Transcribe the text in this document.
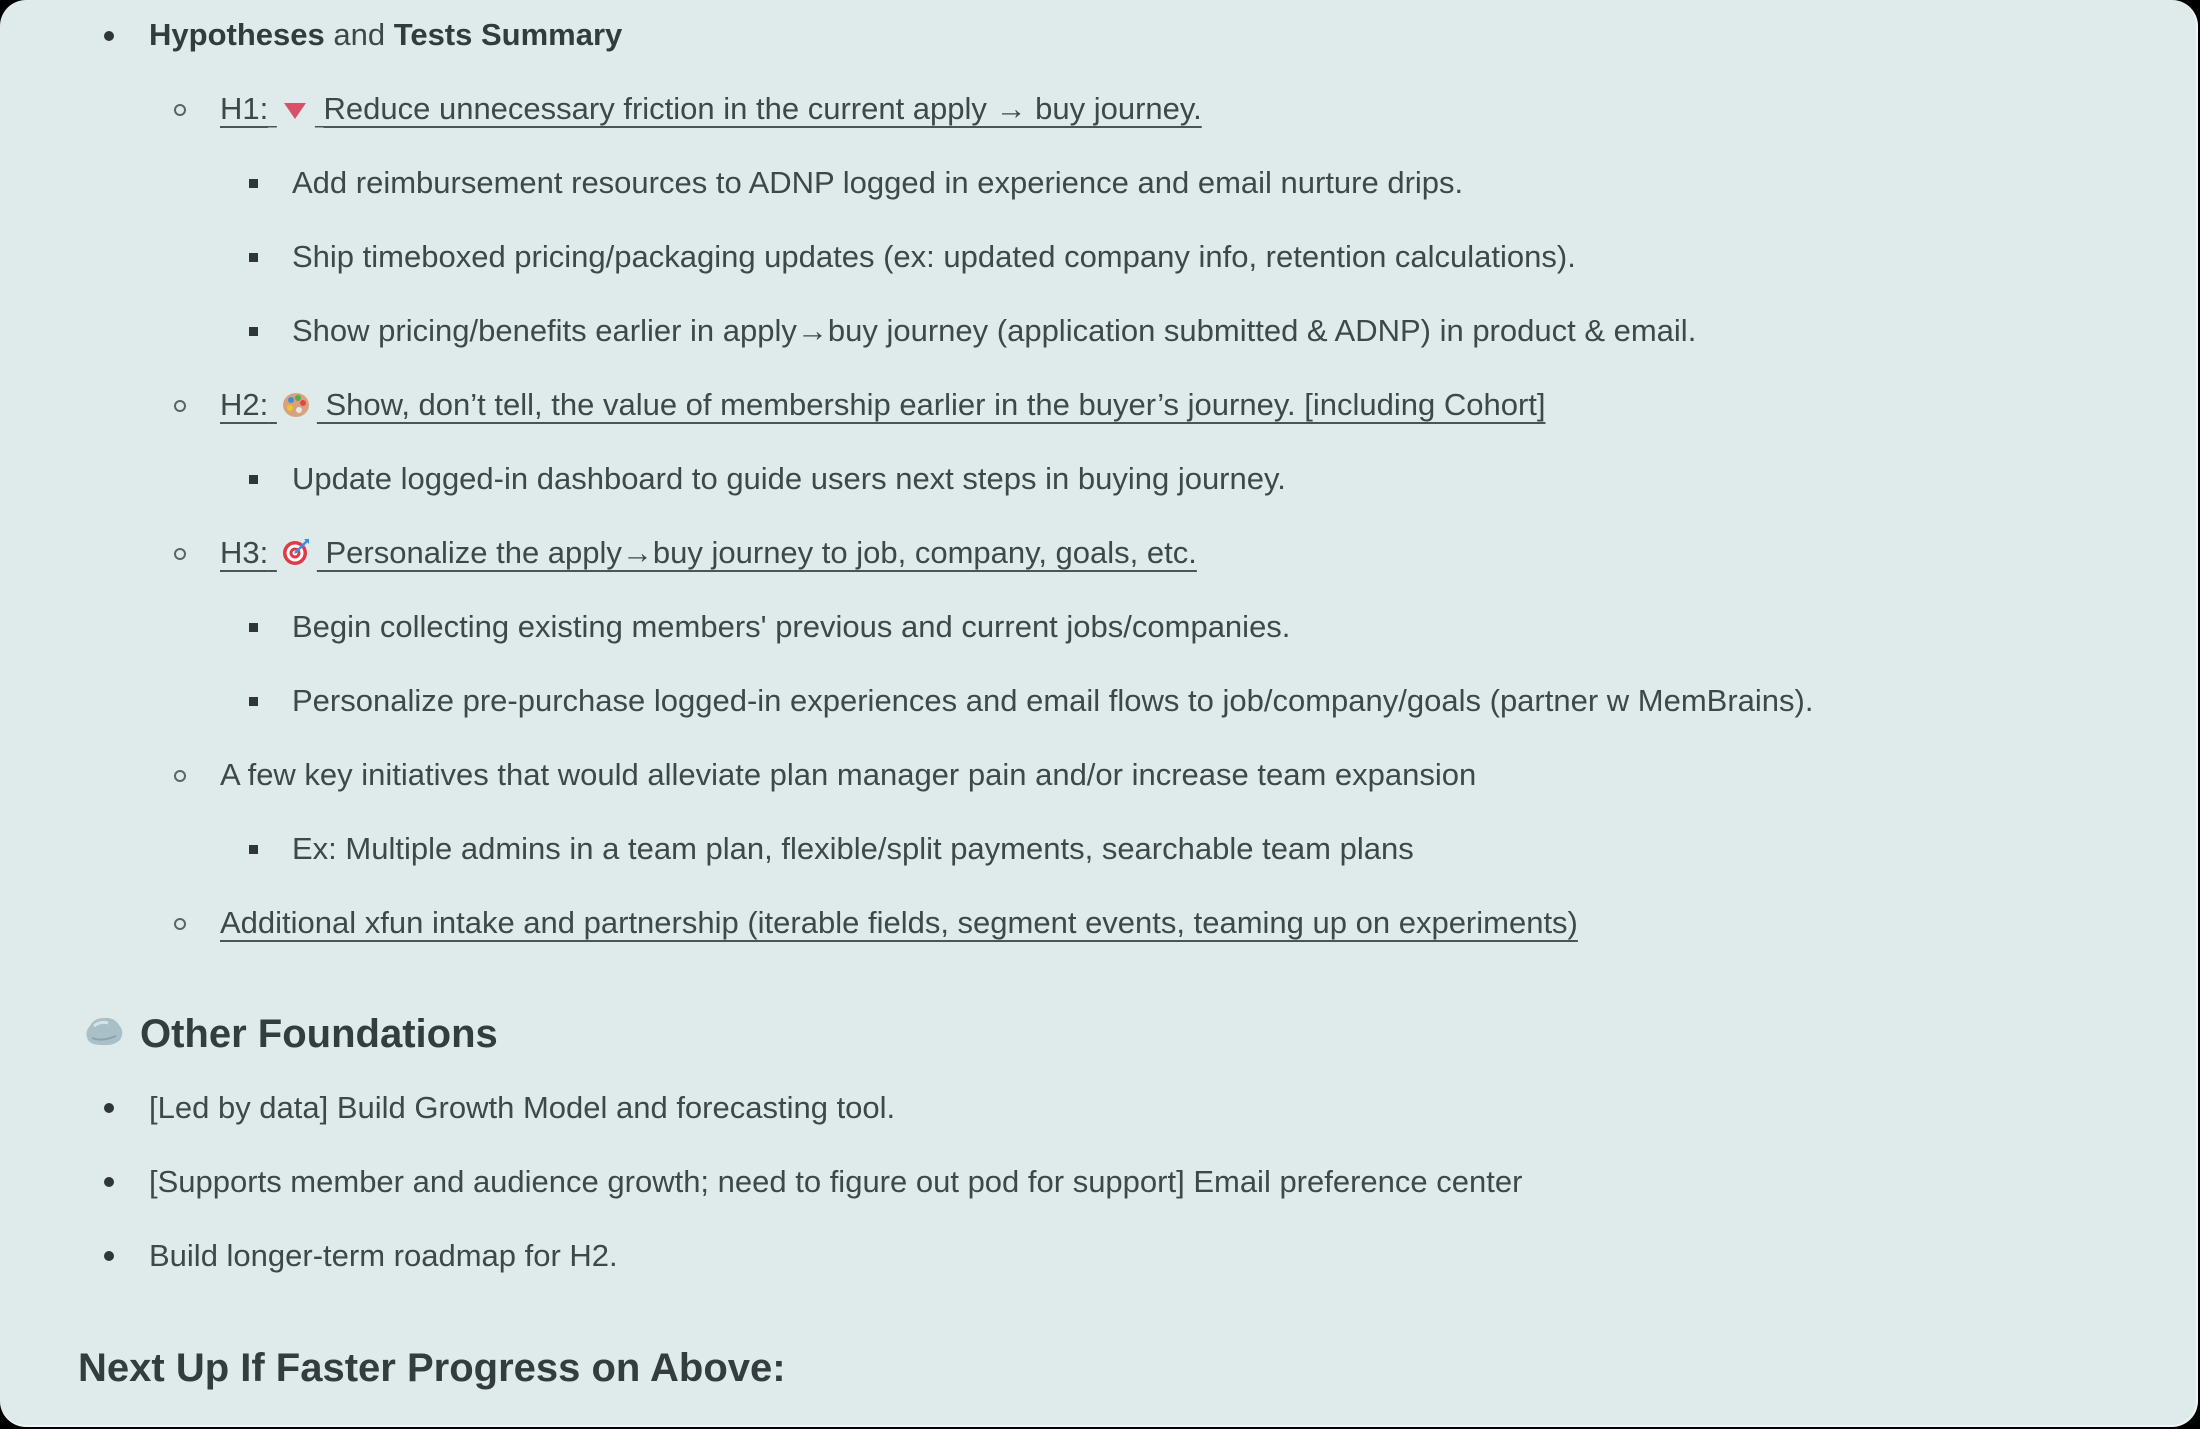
Hypotheses and Tests Summary
H1: Reduce unnecessary friction in the current apply → buy journey.
Add reimbursement resources to ADNP logged in experience and email nurture drips.
Ship timeboxed pricing/packaging updates (ex: updated company info, retention calculations).
Show pricing/benefits earlier in apply→buy journey (application submitted & ADNP) in product & email.
H2: Show, don’t tell, the value of membership earlier in the buyer’s journey. [including Cohort]
Update logged-in dashboard to guide users next steps in buying journey.
H3: Personalize the apply→buy journey to job, company, goals, etc.
Begin collecting existing members' previous and current jobs/companies.
Personalize pre-purchase logged-in experiences and email flows to job/company/goals (partner w MemBrains).
A few key initiatives that would alleviate plan manager pain and/or increase team expansion
Ex: Multiple admins in a team plan, flexible/split payments, searchable team plans
Additional xfun intake and partnership (iterable fields, segment events, teaming up on experiments)
Other Foundations
[Led by data] Build Growth Model and forecasting tool.
[Supports member and audience growth; need to figure out pod for support] Email preference center
Build longer-term roadmap for H2.
Next Up If Faster Progress on Above:
